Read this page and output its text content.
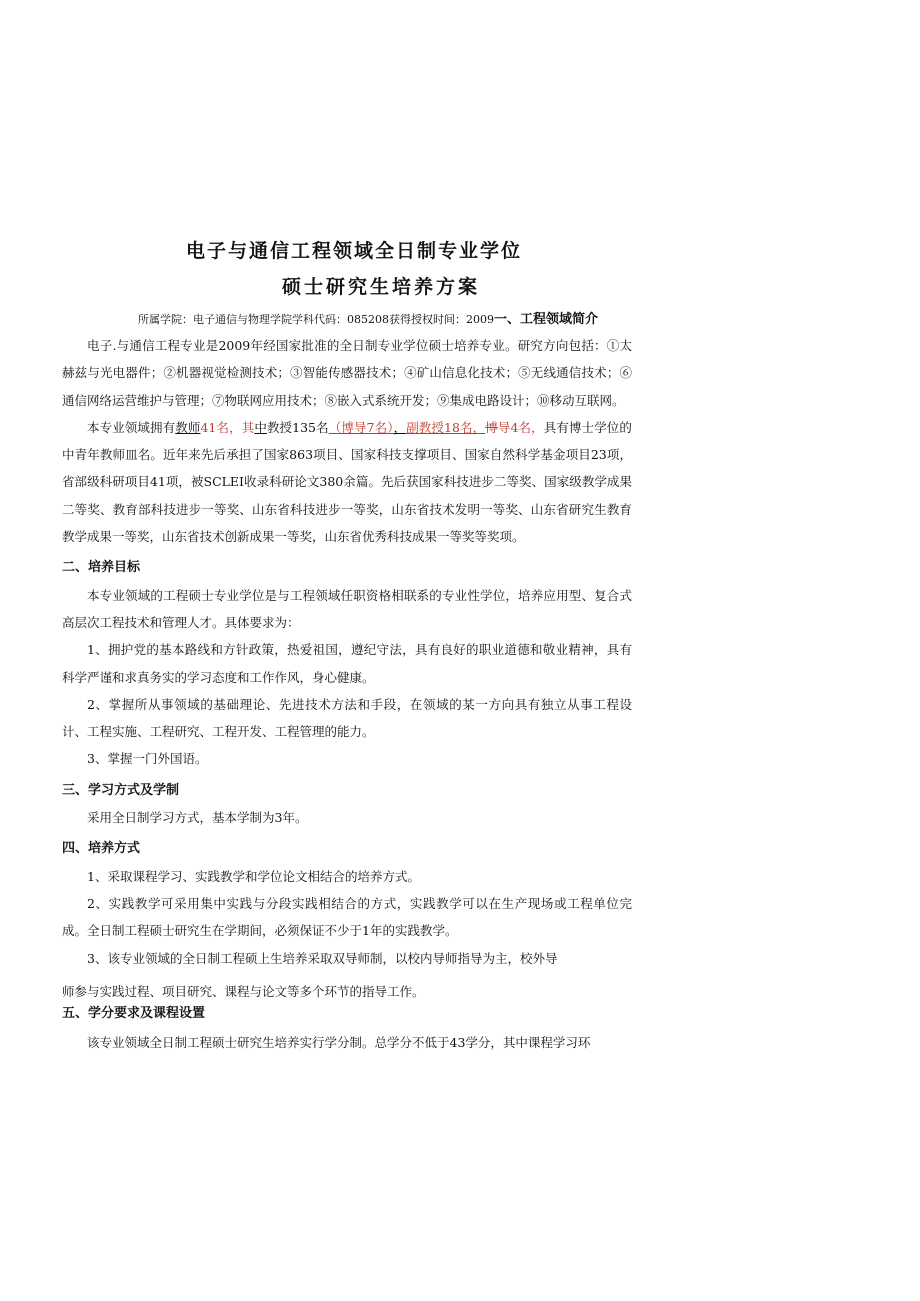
电子与通信工程领域全日制专业学位
硕士研究生培养方案
所属学院：电子通信与物理学院学科代码：085208获得授权时间：2009一、工程领域简介

电子.与通信工程专业是2009年经国家批准的全日制专业学位硕士培养专业。研究方向包括：①太赫兹与光电器件；②机器视觉检测技术；③智能传感器技术；④矿山信息化技术；⑤无线通信技术；⑥通信网络运营维护与管理；⑦物联网应用技术；⑧嵌入式系统开发；⑨集成电路设计；⑩移动互联网。

本专业领域拥有教师41名，其中教授135名（博导7名），副教授18名，博导4名，具有博士学位的中青年教师皿名。近年来先后承担了国家863项目、国家科技支撑项目、国家自然科学基金项目23项，省部级科研项目41项，被SCLEI收录科研论文380余篇。先后获国家科技进步二等奖、国家级教学成果二等奖、教育部科技进步一等奖、山东省科技进步一等奖，山东省技术发明一等奖、山东省研究生教育教学成果一等奖，山东省技术创新成果一等奖，山东省优秀科技成果一等奖等奖项。

二、培养目标

本专业领域的工程硕士专业学位是与工程领域任职资格相联系的专业性学位，培养应用型、复合式高层次工程技术和管理人才。具体要求为：

1、拥护党的基本路线和方针政策，热爱祖国，遵纪守法，具有良好的职业道德和敬业精神，具有科学严谨和求真务实的学习态度和工作作风，身心健康。

2、掌握所从事领域的基础理论、先进技术方法和手段，在领域的某一方向具有独立从事工程设计、工程实施、工程研究、工程开发、工程管理的能力。

3、掌握一门外国语。

三、学习方式及学制

采用全日制学习方式，基本学制为3年。

四、培养方式

1、采取课程学习、实践教学和学位论文相结合的培养方式。

2、实践教学可采用集中实践与分段实践相结合的方式，实践教学可以在生产现场或工程单位完成。全日制工程硕士研究生在学期间，必须保证不少于1年的实践教学。

3、该专业领域的全日制工程硕上生培养采取双导师制，以校内导师指导为主，校外导

师参与实践过程、项目研究、课程与论文等多个环节的指导工作。

五、学分要求及课程设置

该专业领域全日制工程硕士研究生培养实行学分制。总学分不低于43学分，其中课程学习环
